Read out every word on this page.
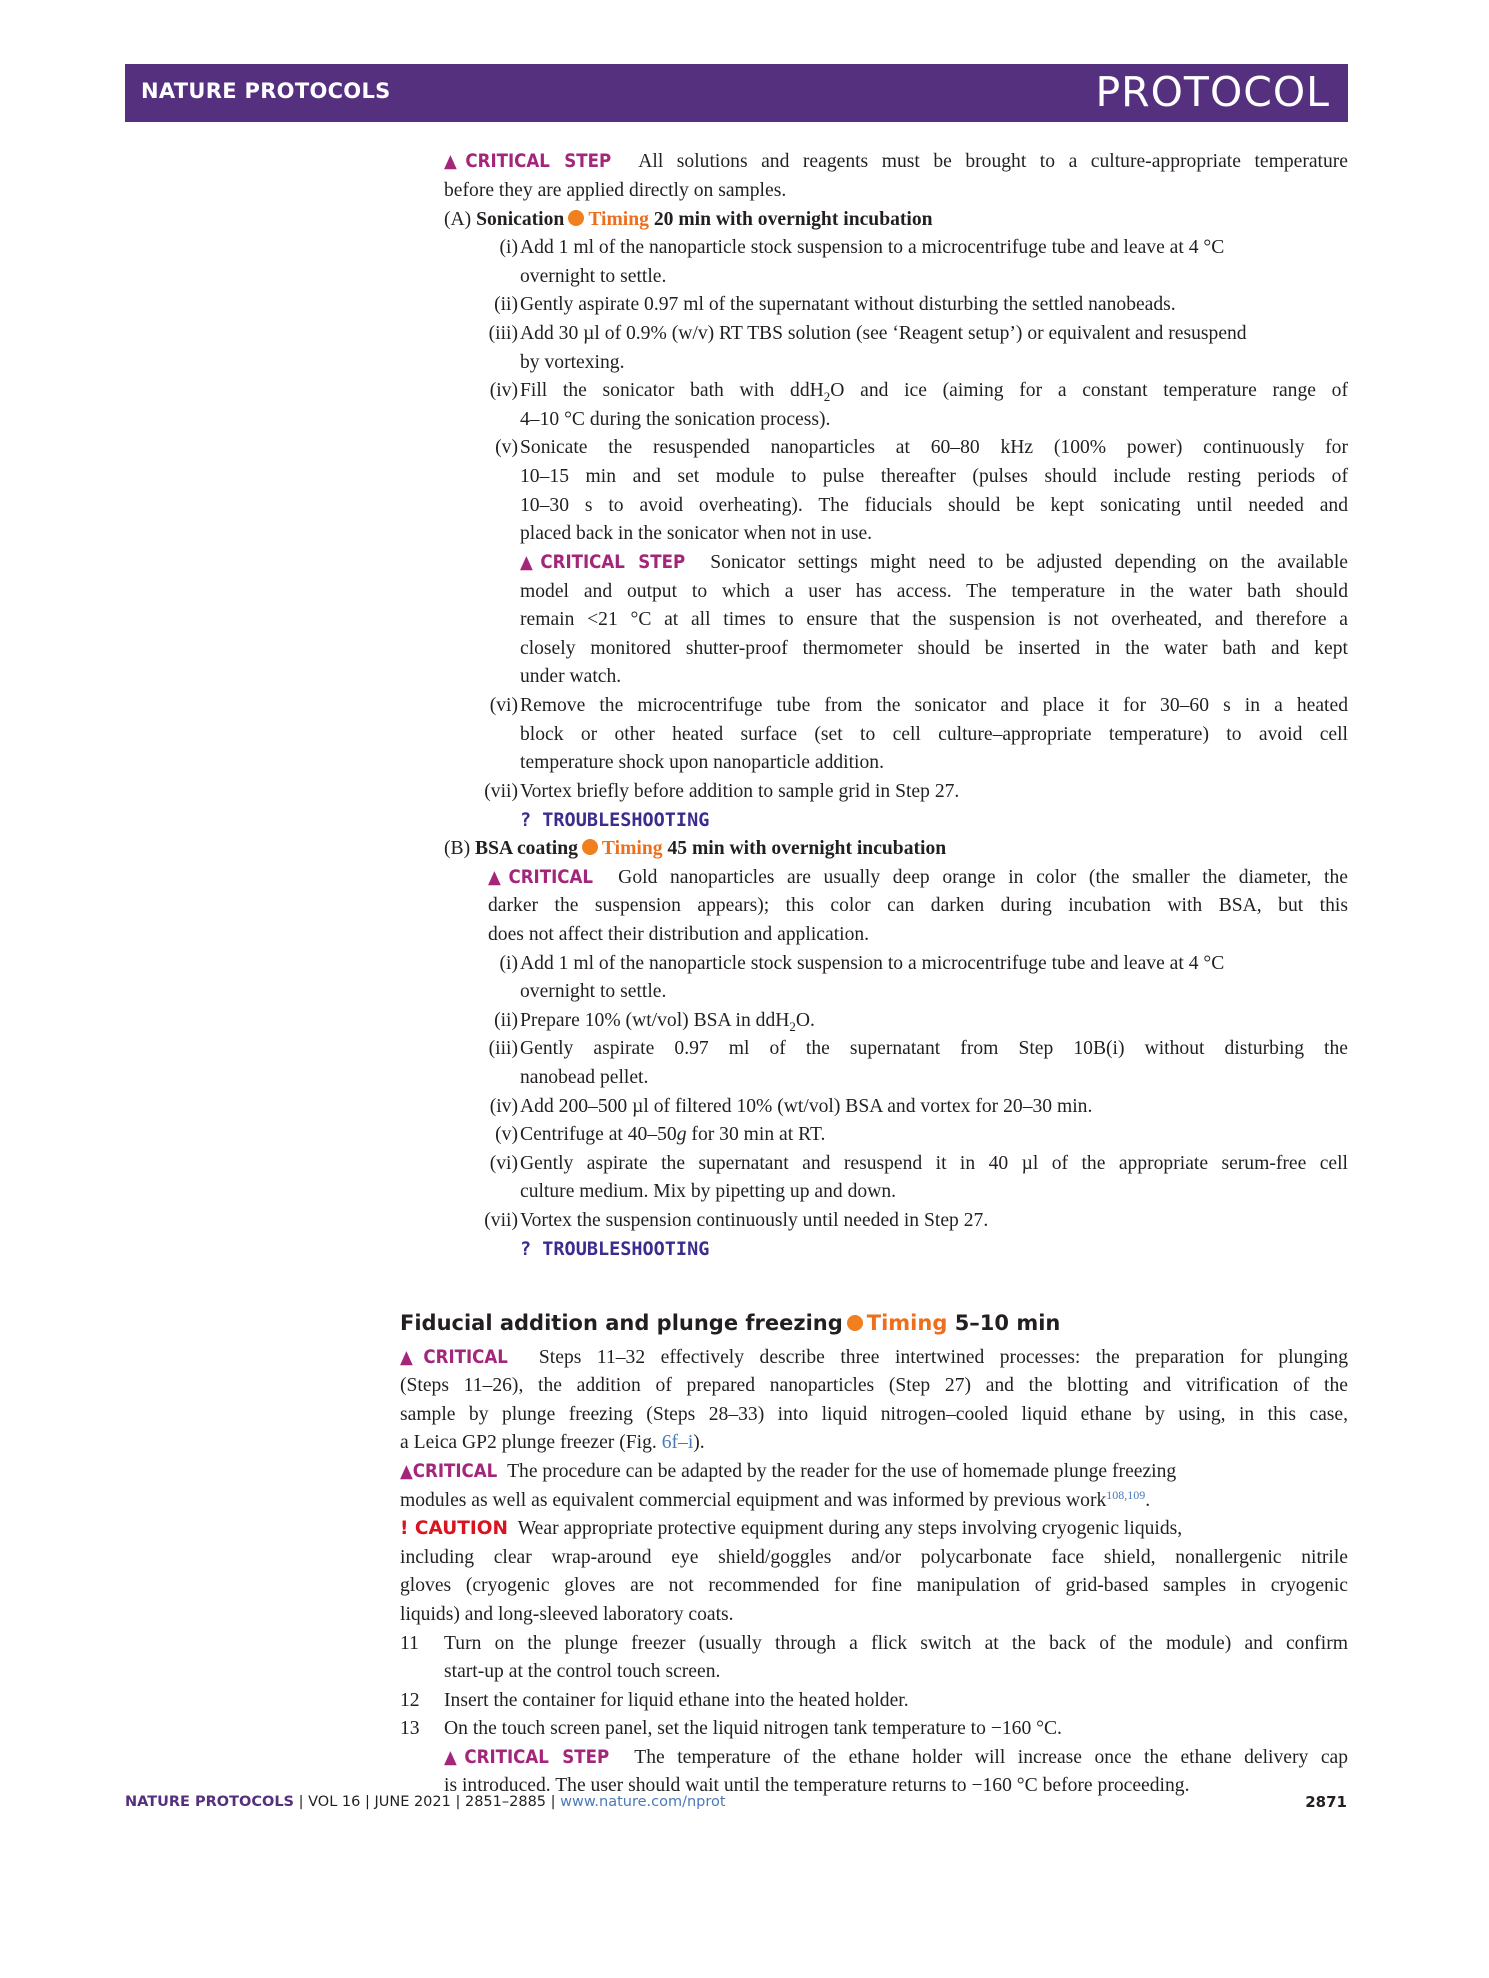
NATURE PROTOCOLS	PROTOCOL
▲CRITICAL STEP All solutions and reagents must be brought to a culture-appropriate temperature
before they are applied directly on samples.
(A) Sonication Timing 20 min with overnight incubation
(i) Add 1 ml of the nanoparticle stock suspension to a microcentrifuge tube and leave at 4 °C
overnight to settle.
(ii) Gently aspirate 0.97 ml of the supernatant without disturbing the settled nanobeads.
(iii) Add 30 µl of 0.9% (w/v) RT TBS solution (see ‘Reagent setup’) or equivalent and resuspend
by vortexing.
(iv) Fill the sonicator bath with ddH$_2$O and ice (aiming for a constant temperature range of
4–10 °C during the sonication process).
(v) Sonicate the resuspended nanoparticles at 60–80 kHz (100% power) continuously for
10–15 min and set module to pulse thereafter (pulses should include resting periods of
10–30 s to avoid overheating). The fiducials should be kept sonicating until needed and
placed back in the sonicator when not in use.
▲CRITICAL STEP Sonicator settings might need to be adjusted depending on the available
model and output to which a user has access. The temperature in the water bath should
remain <21 °C at all times to ensure that the suspension is not overheated, and therefore a
closely monitored shutter-proof thermometer should be inserted in the water bath and kept
under watch.
(vi) Remove the microcentrifuge tube from the sonicator and place it for 30–60 s in a heated
block or other heated surface (set to cell culture–appropriate temperature) to avoid cell
temperature shock upon nanoparticle addition.
(vii) Vortex briefly before addition to sample grid in Step 27.
? TROUBLESHOOTING
(B) BSA coating Timing 45 min with overnight incubation
▲CRITICAL Gold nanoparticles are usually deep orange in color (the smaller the diameter, the
darker the suspension appears); this color can darken during incubation with BSA, but this
does not affect their distribution and application.
(i) Add 1 ml of the nanoparticle stock suspension to a microcentrifuge tube and leave at 4 °C
overnight to settle.
(ii) Prepare 10% (wt/vol) BSA in ddH$_2$O.
(iii) Gently aspirate 0.97 ml of the supernatant from Step 10B(i) without disturbing the
nanobead pellet.
(iv) Add 200–500 µl of filtered 10% (wt/vol) BSA and vortex for 20–30 min.
(v) Centrifuge at 40–50g for 30 min at RT.
(vi) Gently aspirate the supernatant and resuspend it in 40 µl of the appropriate serum-free cell
culture medium. Mix by pipetting up and down.
(vii) Vortex the suspension continuously until needed in Step 27.
? TROUBLESHOOTING
Fiducial addition and plunge freezing Timing 5–10 min
▲CRITICAL Steps 11–32 effectively describe three intertwined processes: the preparation for plunging
(Steps 11–26), the addition of prepared nanoparticles (Step 27) and the blotting and vitrification of the
sample by plunge freezing (Steps 28–33) into liquid nitrogen–cooled liquid ethane by using, in this case,
a Leica GP2 plunge freezer (Fig. 6f–i).
▲CRITICAL The procedure can be adapted by the reader for the use of homemade plunge freezing
modules as well as equivalent commercial equipment and was informed by previous work$^{108,109}$.
! CAUTION Wear appropriate protective equipment during any steps involving cryogenic liquids,
including clear wrap-around eye shield/goggles and/or polycarbonate face shield, nonallergenic nitrile
gloves (cryogenic gloves are not recommended for fine manipulation of grid-based samples in cryogenic
liquids) and long-sleeved laboratory coats.
11 Turn on the plunge freezer (usually through a flick switch at the back of the module) and confirm
start-up at the control touch screen.
12 Insert the container for liquid ethane into the heated holder.
13 On the touch screen panel, set the liquid nitrogen tank temperature to −160 °C.
▲CRITICAL STEP The temperature of the ethane holder will increase once the ethane delivery cap
is introduced. The user should wait until the temperature returns to −160 °C before proceeding.
NATURE PROTOCOLS | VOL 16 | JUNE 2021 | 2851–2885 | www.nature.com/nprot	2871
